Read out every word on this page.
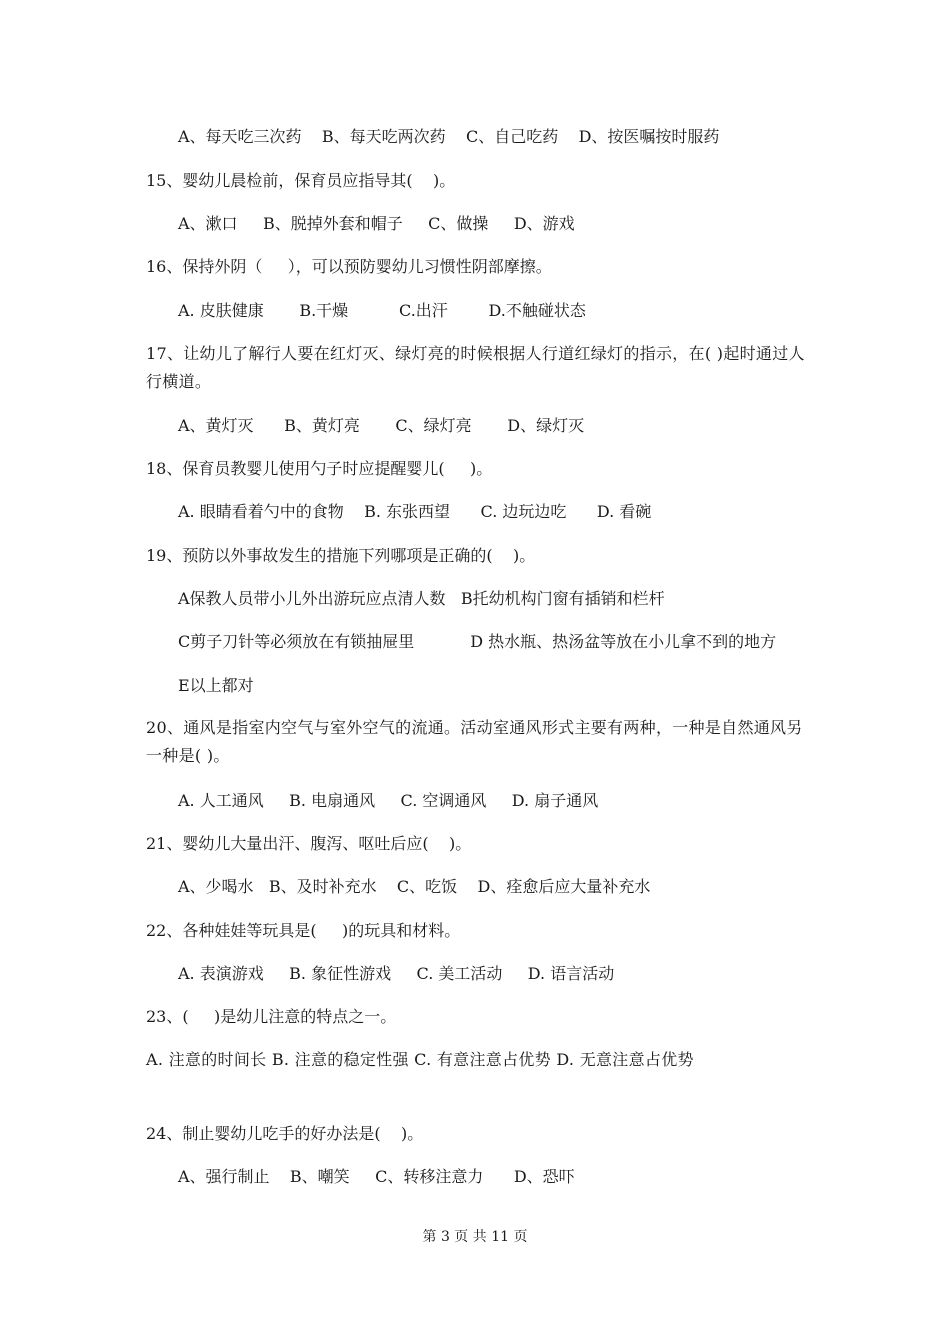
A、每天吃三次药    B、每天吃两次药    C、自己吃药    D、按医嘱按时服药
15、婴幼儿晨检前，保育员应指导其(    )。
A、漱口     B、脱掉外套和帽子     C、做操     D、游戏
16、保持外阴（     ），可以预防婴幼儿习惯性阴部摩擦。
A. 皮肤健康       B.干燥          C.出汗        D.不触碰状态
17、让幼儿了解行人要在红灯灭、绿灯亮的时候根据人行道红绿灯的指示，在( )起时通过人行横道。
A、黄灯灭      B、黄灯亮       C、绿灯亮       D、绿灯灭
18、保育员教婴儿使用勺子时应提醒婴儿(     )。
A. 眼睛看着勺中的食物    B. 东张西望      C. 边玩边吃      D. 看碗
19、预防以外事故发生的措施下列哪项是正确的(    )。
A保教人员带小儿外出游玩应点清人数   B托幼机构门窗有插销和栏杆
C剪子刀针等必须放在有锁抽屉里           D 热水瓶、热汤盆等放在小儿拿不到的地方
E以上都对
20、通风是指室内空气与室外空气的流通。活动室通风形式主要有两种，一种是自然通风另一种是( )。
A. 人工通风     B. 电扇通风     C. 空调通风     D. 扇子通风
21、婴幼儿大量出汗、腹泻、呕吐后应(    )。
A、少喝水   B、及时补充水    C、吃饭    D、痊愈后应大量补充水
22、各种娃娃等玩具是(     )的玩具和材料。
A. 表演游戏     B. 象征性游戏     C. 美工活动     D. 语言活动
23、(     )是幼儿注意的特点之一。
A. 注意的时间长 B. 注意的稳定性强 C. 有意注意占优势 D. 无意注意占优势
24、制止婴幼儿吃手的好办法是(    )。
A、强行制止    B、嘲笑     C、转移注意力      D、恐吓
第 3 页 共 11 页
